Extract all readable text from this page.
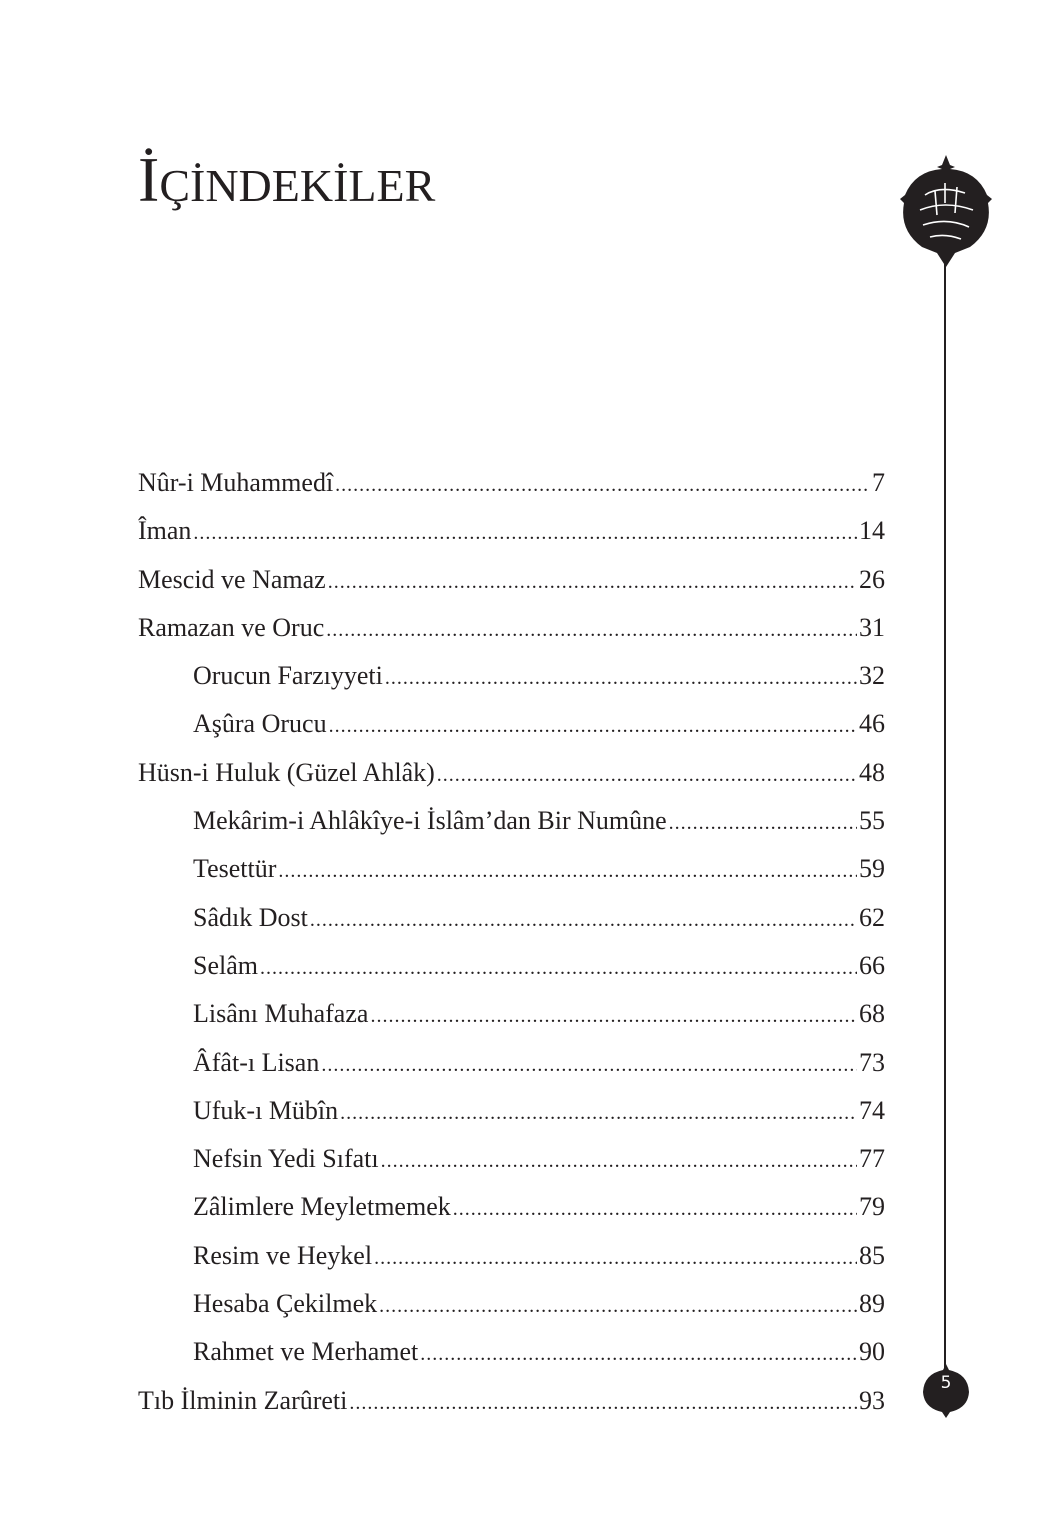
İÇİNDEKİLER
5
Nûr-i Muhammedî .....	7
Îman .....	14
Mescid ve Namaz .....	26
Ramazan ve Oruc .....	31
Orucun Farzıyyeti .....	32
Aşûra Orucu .....	46
Hüsn-i Huluk (Güzel Ahlâk) .....	48
Mekârim-i Ahlâkîye-i İslâm’dan Bir Numûne .....	55
Tesettür .....	59
Sâdık Dost .....	62
Selâm .....	66
Lisânı Muhafaza .....	68
Âfât-ı Lisan .....	73
Ufuk-ı Mübîn .....	74
Nefsin Yedi Sıfatı .....	77
Zâlimlere Meyletmemek .....	79
Resim ve Heykel .....	85
Hesaba Çekilmek .....	89
Rahmet ve Merhamet .....	90
Tıb İlminin Zarûreti .....	93
